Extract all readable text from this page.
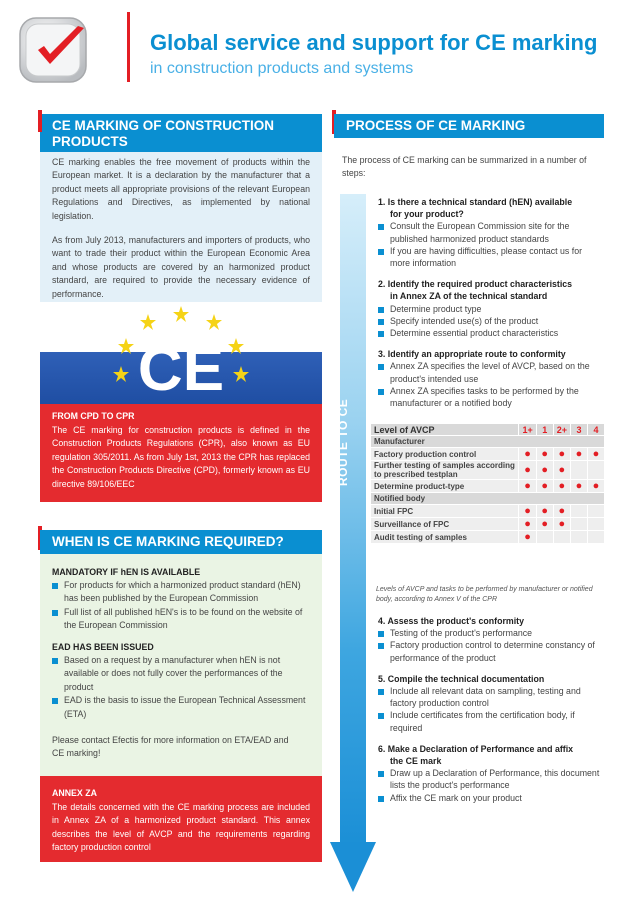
Global service and support for CE marking
in construction products and systems
CE MARKING OF CONSTRUCTION
PRODUCTS
CE
CE marking enables the free movement of products within the European market. It is a declaration by the manufacturer that a product meets all appropriate provisions of the relevant European Regulations and Directives, as implemented by national legislation.
As from July 2013, manufacturers and importers of products, who want to trade their product within the European Economic Area and whose products are covered by an harmonized product standard, are required to provide the necessary evidence of performance.
FROM CPD TO CPR
The CE marking for construction products is defined in the Construction Products Regulations (CPR), also known as EU regulation 305/2011. As from July 1st, 2013 the CPR has replaced the Construction Products Directive (CPD), formerly known as EU directive 89/106/EEC
WHEN IS CE MARKING REQUIRED?
MANDATORY IF hEN IS AVAILABLE
For products for which a harmonized product standard (hEN) has been published by the European Commission
Full list of all published hEN's is to be found on the website of the European Commission
EAD HAS BEEN ISSUED
Based on a request by a manufacturer when hEN is not available or does not fully cover the performances of the product
EAD is the basis to issue the European Technical Assessment (ETA)
Please contact Efectis for more information on ETA/EAD and CE marking!
ANNEX ZA
The details concerned with the CE marking process are included in Annex ZA of a harmonized product standard. This annex describes the level of AVCP and the requirements regarding factory production control
PROCESS OF CE MARKING
The process of CE marking can be summarized in a number of steps:
ROUTE TO CE
1. Is there a technical standard (hEN) available
for your product?
Consult the European Commission site for the published harmonized product standards
If you are having difficulties, please contact us for more information
2. Identify the required product characteristics
in Annex ZA of the technical standard
Determine product type
Specify intended use(s) of the product
Determine essential product characteristics
3. Identify an appropriate route to conformity
Annex ZA specifies the level of AVCP, based on the product's intended use
Annex ZA specifies tasks to be performed by the manufacturer or a notified body
Level of AVCP	1+	1	2+	3	4
Manufacturer					
Factory production control	●	●	●	●	●
Further testing of samples according to prescribed testplan	●	●	●		
Determine product-type	●	●	●	●	●
Notified body					
Initial FPC	●	●	●		
Surveillance of FPC	●	●	●		
Audit testing of samples	●				
Levels of AVCP and tasks to be performed by manufacturer or notified body, according to Annex V of the CPR
4. Assess the product's conformity
Testing of the product's performance
Factory production control to determine constancy of performance of the product
5. Compile the technical documentation
Include all relevant data on sampling, testing and factory production control
Include certificates from the certification body, if required
6. Make a Declaration of Performance and affix
the CE mark
Draw up a Declaration of Performance, this document lists the product's performance
Affix the CE mark on your product
